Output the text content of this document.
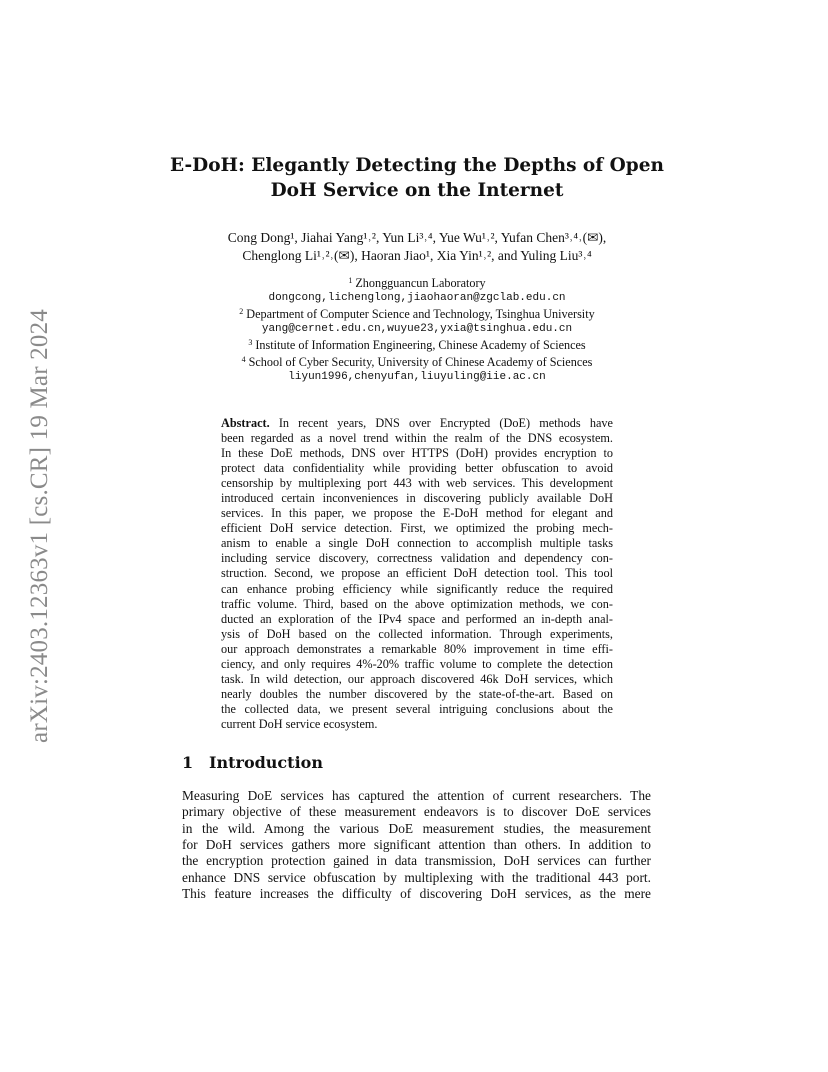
arXiv:2403.12363v1 [cs.CR] 19 Mar 2024
E-DoH: Elegantly Detecting the Depths of Open
DoH Service on the Internet
Cong Dong¹, Jiahai Yang¹˒², Yun Li³˒⁴, Yue Wu¹˒², Yufan Chen³˒⁴˒(✉),
Chenglong Li¹˒²˒(✉), Haoran Jiao¹, Xia Yin¹˒², and Yuling Liu³˒⁴
$^1$ Zhongguancun Laboratory
dongcong,lichenglong,jiaohaoran@zgclab.edu.cn
$^2$ Department of Computer Science and Technology, Tsinghua University
yang@cernet.edu.cn,wuyue23,yxia@tsinghua.edu.cn
$^3$ Institute of Information Engineering, Chinese Academy of Sciences
$^4$ School of Cyber Security, University of Chinese Academy of Sciences
liyun1996,chenyufan,liuyuling@iie.ac.cn
Abstract. In recent years, DNS over Encrypted (DoE) methods have
been regarded as a novel trend within the realm of the DNS ecosystem.
In these DoE methods, DNS over HTTPS (DoH) provides encryption to
protect data confidentiality while providing better obfuscation to avoid
censorship by multiplexing port 443 with web services. This development
introduced certain inconveniences in discovering publicly available DoH
services. In this paper, we propose the E-DoH method for elegant and
efficient DoH service detection. First, we optimized the probing mech-
anism to enable a single DoH connection to accomplish multiple tasks
including service discovery, correctness validation and dependency con-
struction. Second, we propose an efficient DoH detection tool. This tool
can enhance probing efficiency while significantly reduce the required
traffic volume. Third, based on the above optimization methods, we con-
ducted an exploration of the IPv4 space and performed an in-depth anal-
ysis of DoH based on the collected information. Through experiments,
our approach demonstrates a remarkable 80% improvement in time effi-
ciency, and only requires 4%-20% traffic volume to complete the detection
task. In wild detection, our approach discovered 46k DoH services, which
nearly doubles the number discovered by the state-of-the-art. Based on
the collected data, we present several intriguing conclusions about the
current DoH service ecosystem.
1 Introduction
Measuring DoE services has captured the attention of current researchers. The
primary objective of these measurement endeavors is to discover DoE services
in the wild. Among the various DoE measurement studies, the measurement
for DoH services gathers more significant attention than others. In addition to
the encryption protection gained in data transmission, DoH services can further
enhance DNS service obfuscation by multiplexing with the traditional 443 port.
This feature increases the difficulty of discovering DoH services, as the mere
